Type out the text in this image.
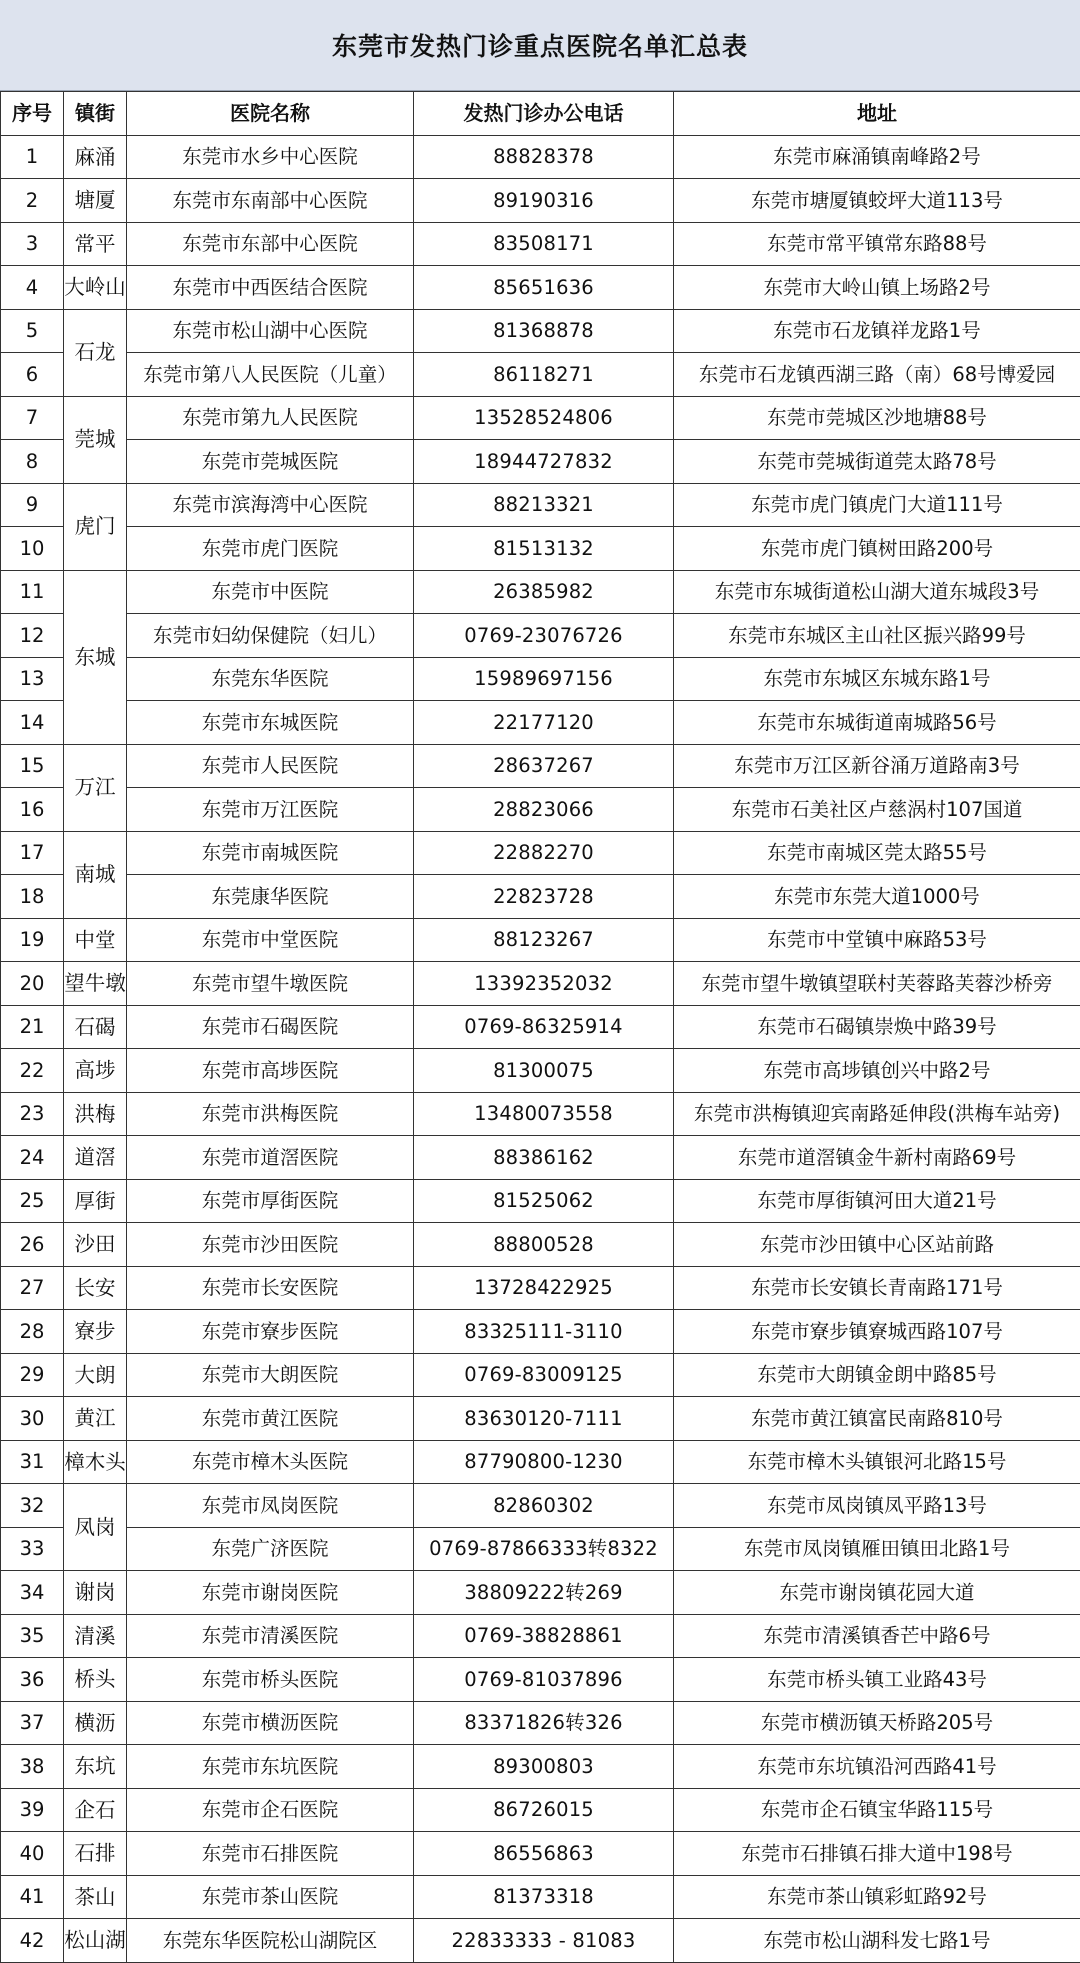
东莞市发热门诊重点医院名单汇总表
序号	镇街	医院名称	发热门诊办公电话	地址
1	麻涌	东莞市水乡中心医院	88828378	东莞市麻涌镇南峰路2号
2	塘厦	东莞市东南部中心医院	89190316	东莞市塘厦镇蛟坪大道113号
3	常平	东莞市东部中心医院	83508171	东莞市常平镇常东路88号
4	大岭山	东莞市中西医结合医院	85651636	东莞市大岭山镇上场路2号
5	石龙	东莞市松山湖中心医院	81368878	东莞市石龙镇祥龙路1号
6		东莞市第八人民医院（儿童）	86118271	东莞市石龙镇西湖三路（南）68号博爱园
7	莞城	东莞市第九人民医院	13528524806	东莞市莞城区沙地塘88号
8		东莞市莞城医院	18944727832	东莞市莞城街道莞太路78号
9	虎门	东莞市滨海湾中心医院	88213321	东莞市虎门镇虎门大道111号
10		东莞市虎门医院	81513132	东莞市虎门镇树田路200号
11	东城	东莞市中医院	26385982	东莞市东城街道松山湖大道东城段3号
12		东莞市妇幼保健院（妇儿）	0769-23076726	东莞市东城区主山社区振兴路99号
13		东莞东华医院	15989697156	东莞市东城区东城东路1号
14		东莞市东城医院	22177120	东莞市东城街道南城路56号
15	万江	东莞市人民医院	28637267	东莞市万江区新谷涌万道路南3号
16		东莞市万江医院	28823066	东莞市石美社区卢慈涡村107国道
17	南城	东莞市南城医院	22882270	东莞市南城区莞太路55号
18		东莞康华医院	22823728	东莞市东莞大道1000号
19	中堂	东莞市中堂医院	88123267	东莞市中堂镇中麻路53号
20	望牛墩	东莞市望牛墩医院	13392352032	东莞市望牛墩镇望联村芙蓉路芙蓉沙桥旁
21	石碣	东莞市石碣医院	0769-86325914	东莞市石碣镇崇焕中路39号
22	高埗	东莞市高埗医院	81300075	东莞市高埗镇创兴中路2号
23	洪梅	东莞市洪梅医院	13480073558	东莞市洪梅镇迎宾南路延伸段(洪梅车站旁)
24	道滘	东莞市道滘医院	88386162	东莞市道滘镇金牛新村南路69号
25	厚街	东莞市厚街医院	81525062	东莞市厚街镇河田大道21号
26	沙田	东莞市沙田医院	88800528	东莞市沙田镇中心区站前路
27	长安	东莞市长安医院	13728422925	东莞市长安镇长青南路171号
28	寮步	东莞市寮步医院	83325111-3110	东莞市寮步镇寮城西路107号
29	大朗	东莞市大朗医院	0769-83009125	东莞市大朗镇金朗中路85号
30	黄江	东莞市黄江医院	83630120-7111	东莞市黄江镇富民南路810号
31	樟木头	东莞市樟木头医院	87790800-1230	东莞市樟木头镇银河北路15号
32	凤岗	东莞市凤岗医院	82860302	东莞市凤岗镇凤平路13号
33		东莞广济医院	0769-87866333转8322	东莞市凤岗镇雁田镇田北路1号
34	谢岗	东莞市谢岗医院	38809222转269	东莞市谢岗镇花园大道
35	清溪	东莞市清溪医院	0769-38828861	东莞市清溪镇香芒中路6号
36	桥头	东莞市桥头医院	0769-81037896	东莞市桥头镇工业路43号
37	横沥	东莞市横沥医院	83371826转326	东莞市横沥镇天桥路205号
38	东坑	东莞市东坑医院	89300803	东莞市东坑镇沿河西路41号
39	企石	东莞市企石医院	86726015	东莞市企石镇宝华路115号
40	石排	东莞市石排医院	86556863	东莞市石排镇石排大道中198号
41	茶山	东莞市茶山医院	81373318	东莞市茶山镇彩虹路92号
42	松山湖	东莞东华医院松山湖院区	22833333 - 81083	东莞市松山湖科发七路1号
